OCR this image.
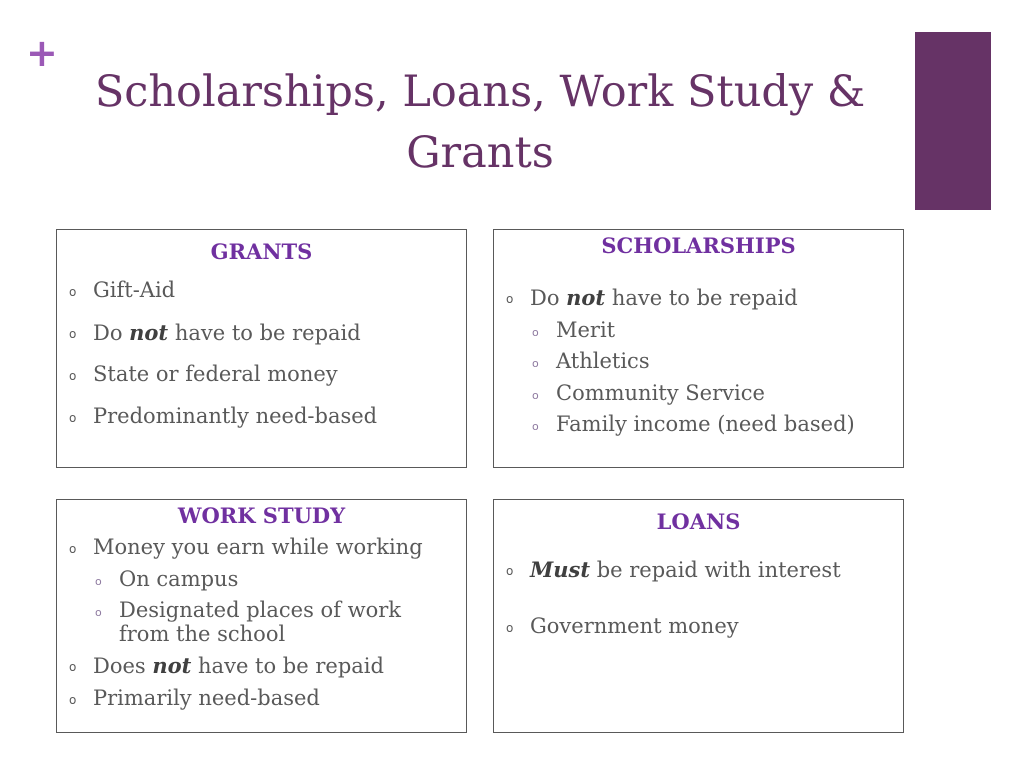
+
Scholarships, Loans, Work Study & Grants
GRANTS
o Gift-Aid
o Do not have to be repaid
o State or federal money
o Predominantly need-based
SCHOLARSHIPS
o Do not have to be repaid
o Merit
o Athletics
o Community Service
o Family income (need based)
WORK STUDY
o Money you earn while working
o On campus
o Designated places of work from the school
o Does not have to be repaid
o Primarily need-based
LOANS
o Must be repaid with interest
o Government money
